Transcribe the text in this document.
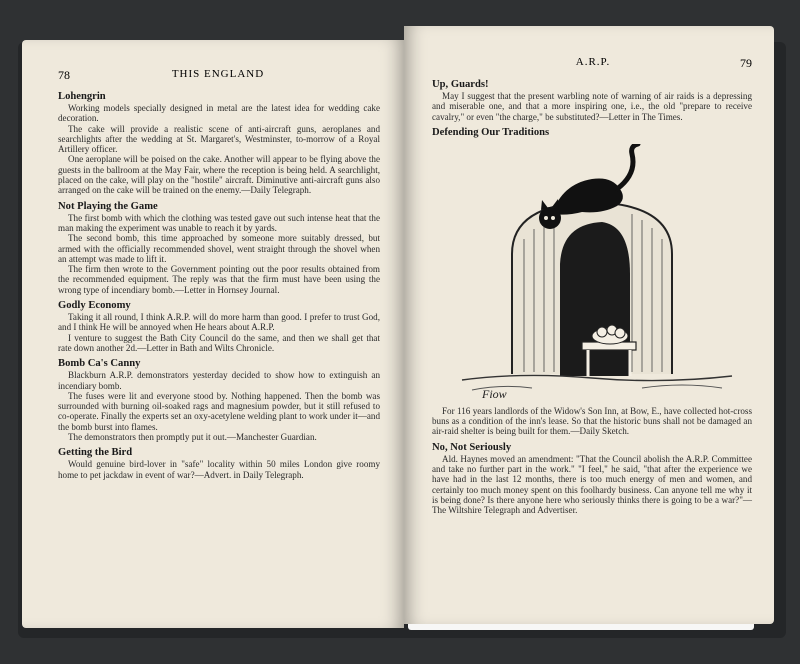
78	THIS ENGLAND
Lohengrin

Working models specially designed in metal are the latest idea for wedding cake decoration.

The cake will provide a realistic scene of anti-aircraft guns, aeroplanes and searchlights after the wedding at St. Margaret's, Westminster, to-morrow of a Royal Artillery officer.

One aeroplane will be poised on the cake. Another will appear to be flying above the guests in the ballroom at the May Fair, where the reception is being held. A searchlight, placed on the cake, will play on the "hostile" aircraft. Diminutive anti-aircraft guns also arranged on the cake will be trained on the enemy.—Daily Telegraph.

Not Playing the Game

The first bomb with which the clothing was tested gave out such intense heat that the man making the experiment was unable to reach it by yards.

The second bomb, this time approached by someone more suitably dressed, but armed with the officially recommended shovel, went straight through the shovel when an attempt was made to lift it.

The firm then wrote to the Government pointing out the poor results obtained from the recommended equipment. The reply was that the firm must have been using the wrong type of incendiary bomb.—Letter in Hornsey Journal.

Godly Economy

Taking it all round, I think A.R.P. will do more harm than good. I prefer to trust God, and I think He will be annoyed when He hears about A.R.P.

I venture to suggest the Bath City Council do the same, and then we shall get that rate down another 2d.—Letter in Bath and Wilts Chronicle.

Bomb Ca's Canny

Blackburn A.R.P. demonstrators yesterday decided to show how to extinguish an incendiary bomb.

The fuses were lit and everyone stood by. Nothing happened. Then the bomb was surrounded with burning oil-soaked rags and magnesium powder, but it still refused to co-operate. Finally the experts set an oxy-acetylene welding plant to work under it—and the bomb burst into flames.

The demonstrators then promptly put it out.—Manchester Guardian.

Getting the Bird

Would genuine bird-lover in "safe" locality within 50 miles London give roomy home to pet jackdaw in event of war?—Advert. in Daily Telegraph.

A.R.P.	79
Up, Guards!

May I suggest that the present warbling note of warning of air raids is a depressing and miserable one, and that a more inspiring one, i.e., the old "prepare to receive cavalry," or even "the charge," be substituted?—Letter in The Times.

Defending Our Traditions
Fiow

For 116 years landlords of the Widow's Son Inn, at Bow, E., have collected hot-cross buns as a condition of the inn's lease. So that the historic buns shall not be damaged an air-raid shelter is being built for them.—Daily Sketch.

No, Not Seriously

Ald. Haynes moved an amendment: "That the Council abolish the A.R.P. Committee and take no further part in the work." "I feel," he said, "that after the experience we have had in the last 12 months, there is too much energy of men and women, and certainly too much money spent on this foolhardy business. Can anyone tell me why it is being done? Is there anyone here who seriously thinks there is going to be a war?"—The Wiltshire Telegraph and Advertiser.
